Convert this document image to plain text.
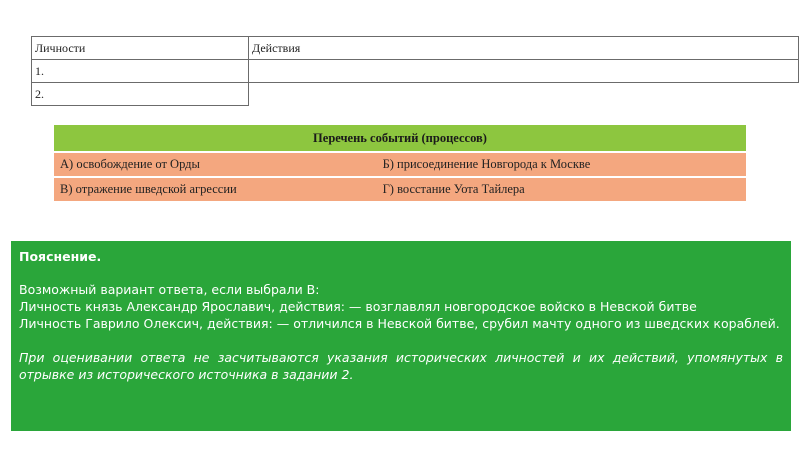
Личности	Действия
1.	
2.	
Перечень событий (процессов)	
А) освобождение от Орды	Б) присоединение Новгорода к Москве
В) отражение шведской агрессии	Г) восстание Уота Тайлера
Пояснение.

Возможный вариант ответа, если выбрали В:

Личность князь Александр Ярославич, действия: — возглавлял новгородское войско в Невской битве

Личность Гаврило Олексич, действия: — отличился в Невской битве, срубил мачту одного из шведских кораблей.

При оценивании ответа не засчитываются указания исторических личностей и их действий, упомянутых в отрывке из исторического источника в задании 2.
